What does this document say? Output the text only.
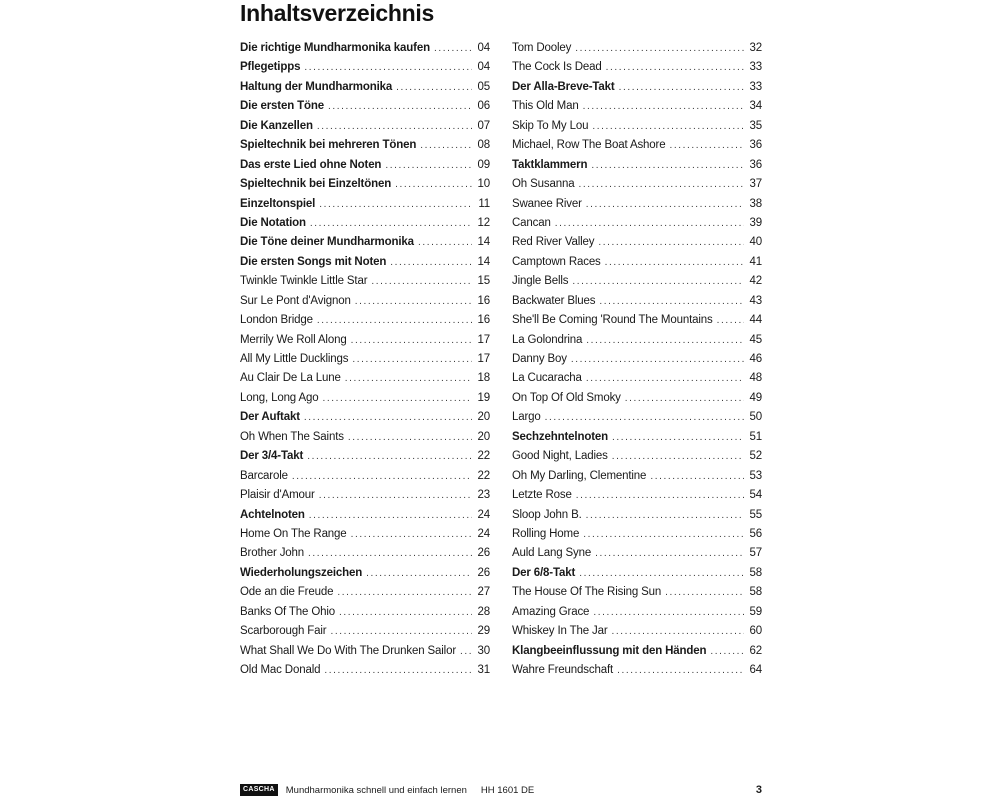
Inhaltsverzeichnis
Die richtige Mundharmonika kaufen .....	04
Pflegetipps .....	04
Haltung der Mundharmonika .....	05
Die ersten Töne .....	06
Die Kanzellen .....	07
Spieltechnik bei mehreren Tönen .....	08
Das erste Lied ohne Noten .....	09
Spieltechnik bei Einzeltönen .....	10
Einzeltonspiel .....	11
Die Notation .....	12
Die Töne deiner Mundharmonika .....	14
Die ersten Songs mit Noten .....	14
Twinkle Twinkle Little Star .....	15
Sur Le Pont d'Avignon .....	16
London Bridge .....	16
Merrily We Roll Along .....	17
All My Little Ducklings .....	17
Au Clair De La Lune .....	18
Long, Long Ago .....	19
Der Auftakt .....	20
Oh When The Saints .....	20
Der 3/4-Takt .....	22
Barcarole .....	22
Plaisir d'Amour .....	23
Achtelnoten .....	24
Home On The Range .....	24
Brother John .....	26
Wiederholungszeichen .....	26
Ode an die Freude .....	27
Banks Of The Ohio .....	28
Scarborough Fair .....	29
What Shall We Do With The Drunken Sailor ..... 30
Old Mac Donald .....	31
Tom Dooley .....	32
The Cock Is Dead .....	33
Der Alla-Breve-Takt .....	33
This Old Man .....	34
Skip To My Lou .....	35
Michael, Row The Boat Ashore .....	36
Taktklammern .....	36
Oh Susanna .....	37
Swanee River .....	38
Cancan .....	39
Red River Valley .....	40
Camptown Races .....	41
Jingle Bells .....	42
Backwater Blues .....	43
She'll Be Coming 'Round The Mountains .....	44
La Golondrina .....	45
Danny Boy .....	46
La Cucaracha .....	48
On Top Of Old Smoky .....	49
Largo .....	50
Sechzehntelnoten .....	51
Good Night, Ladies .....	52
Oh My Darling, Clementine .....	53
Letzte Rose .....	54
Sloop John B. .....	55
Rolling Home .....	56
Auld Lang Syne .....	57
Der 6/8-Takt .....	58
The House Of The Rising Sun .....	58
Amazing Grace .....	59
Whiskey In The Jar .....	60
Klangbeeinflussung mit den Händen .....	62
Wahre Freundschaft .....	64
CASCHA	Mundharmonika schnell und einfach lernen HH 1601 DE	3
